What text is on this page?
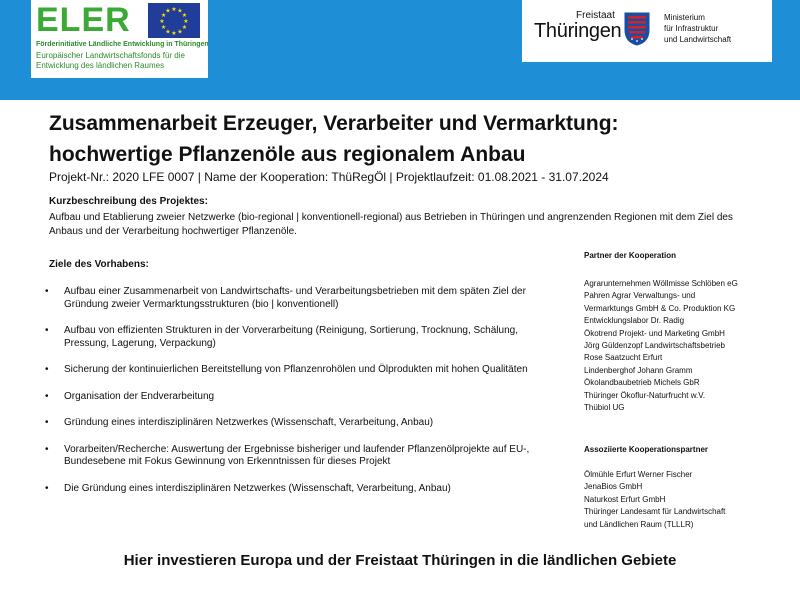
ELER	★ ★
★
★
★
★
★
★
★
★
★
★
Förderinitiative Ländliche Entwicklung in Thüringen
Europäischer Landwirtschaftsfonds für die Entwicklung des ländlichen Raumes
Freistaat
Thüringen
Ministerium
für Infrastruktur
und Landwirtschaft
Zusammenarbeit Erzeuger, Verarbeiter und Vermarktung:
hochwertige Pflanzenöle aus regionalem Anbau
Projekt-Nr.: 2020 LFE 0007 | Name der Kooperation: ThüRegÖl | Projektlaufzeit: 01.08.2021 - 31.07.2024
Kurzbeschreibung des Projektes:
Aufbau und Etablierung zweier Netzwerke (bio-regional | konventionell-regional) aus Betrieben in Thüringen und angrenzenden Regionen mit dem Ziel des Anbaus und der Verarbeitung hochwertiger Pflanzenöle.
Ziele des Vorhabens:
• Aufbau einer Zusammenarbeit von Landwirtschafts- und Verarbeitungsbetrieben mit dem späten Ziel der Gründung zweier Vermarktungsstrukturen (bio | konventionell)
• Aufbau von effizienten Strukturen in der Vorverarbeitung (Reinigung, Sortierung, Trocknung, Schälung, Pressung, Lagerung, Verpackung)
• Sicherung der kontinuierlichen Bereitstellung von Pflanzenrohölen und Ölprodukten mit hohen Qualitäten
• Organisation der Endverarbeitung
• Gründung eines interdisziplinären Netzwerkes (Wissenschaft, Verarbeitung, Anbau)
• Vorarbeiten/Recherche: Auswertung der Ergebnisse bisheriger und laufender Pflanzenölprojekte auf EU-, Bundesebene mit Fokus Gewinnung von Erkenntnissen für dieses Projekt
• Die Gründung eines interdisziplinären Netzwerkes (Wissenschaft, Verarbeitung, Anbau)
Partner der Kooperation
Agrarunternehmen Wöllmisse Schlöben eG
Pahren Agrar Verwaltungs- und
Vermarktungs GmbH & Co. Produktion KG
Entwicklungslabor Dr. Radig
Ökotrend Projekt- und Marketing GmbH
Jörg Güldenzopf Landwirtschaftsbetrieb
Rose Saatzucht Erfurt
Lindenberghof Johann Gramm
Ökolandbaubetrieb Michels GbR
Thüringer Ökoflur-Naturfrucht w.V.
Thübiol UG
Assoziierte Kooperationspartner
Ölmühle Erfurt Werner Fischer
JenaBios GmbH
Naturkost Erfurt GmbH
Thüringer Landesamt für Landwirtschaft
und Ländlichen Raum (TLLLR)
Hier investieren Europa und der Freistaat Thüringen in die ländlichen Gebiete
